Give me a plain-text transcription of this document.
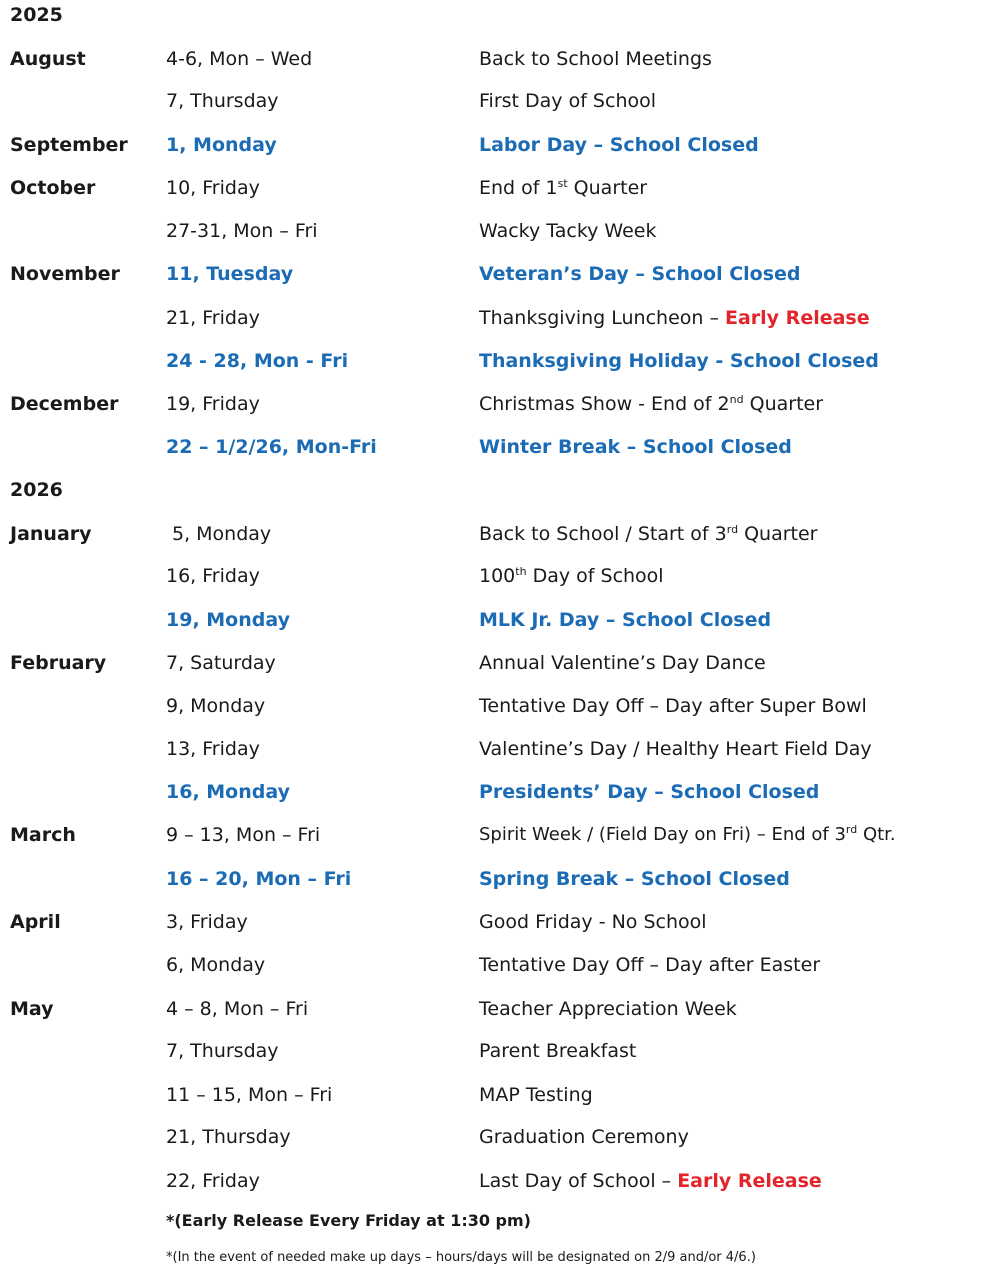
2025
August	4-6, Mon – Wed	Back to School Meetings
7, Thursday	First Day of School
September 1, Monday	Labor Day – School Closed
October	10, Friday	End of 1st Quarter
27-31, Mon – Fri	Wacky Tacky Week
November 11, Tuesday	Veteran’s Day – School Closed
21, Friday	Thanksgiving Luncheon – Early Release
24 - 28, Mon - Fri	Thanksgiving Holiday - School Closed
December	19, Friday	Christmas Show - End of 2nd Quarter
22 – 1/2/26, Mon-Fri	Winter Break – School Closed
2026
January	5, Monday	Back to School / Start of 3rd Quarter
16, Friday	100th Day of School
19, Monday	MLK Jr. Day – School Closed
February	7, Saturday	Annual Valentine’s Day Dance
9, Monday	Tentative Day Off – Day after Super Bowl
13, Friday	Valentine’s Day / Healthy Heart Field Day
16, Monday	Presidents’ Day – School Closed
March	9 – 13, Mon – Fri	Spirit Week / (Field Day on Fri) – End of 3rd Qtr.
16 – 20, Mon – Fri	Spring Break – School Closed
April	3, Friday	Good Friday - No School
6, Monday	Tentative Day Off – Day after Easter
May	4 – 8, Mon – Fri	Teacher Appreciation Week
7, Thursday	Parent Breakfast
11 – 15, Mon – Fri	MAP Testing
21, Thursday	Graduation Ceremony
22, Friday	Last Day of School – Early Release
*(Early Release Every Friday at 1:30 pm)
*(In the event of needed make up days – hours/days will be designated on 2/9 and/or 4/6.)
